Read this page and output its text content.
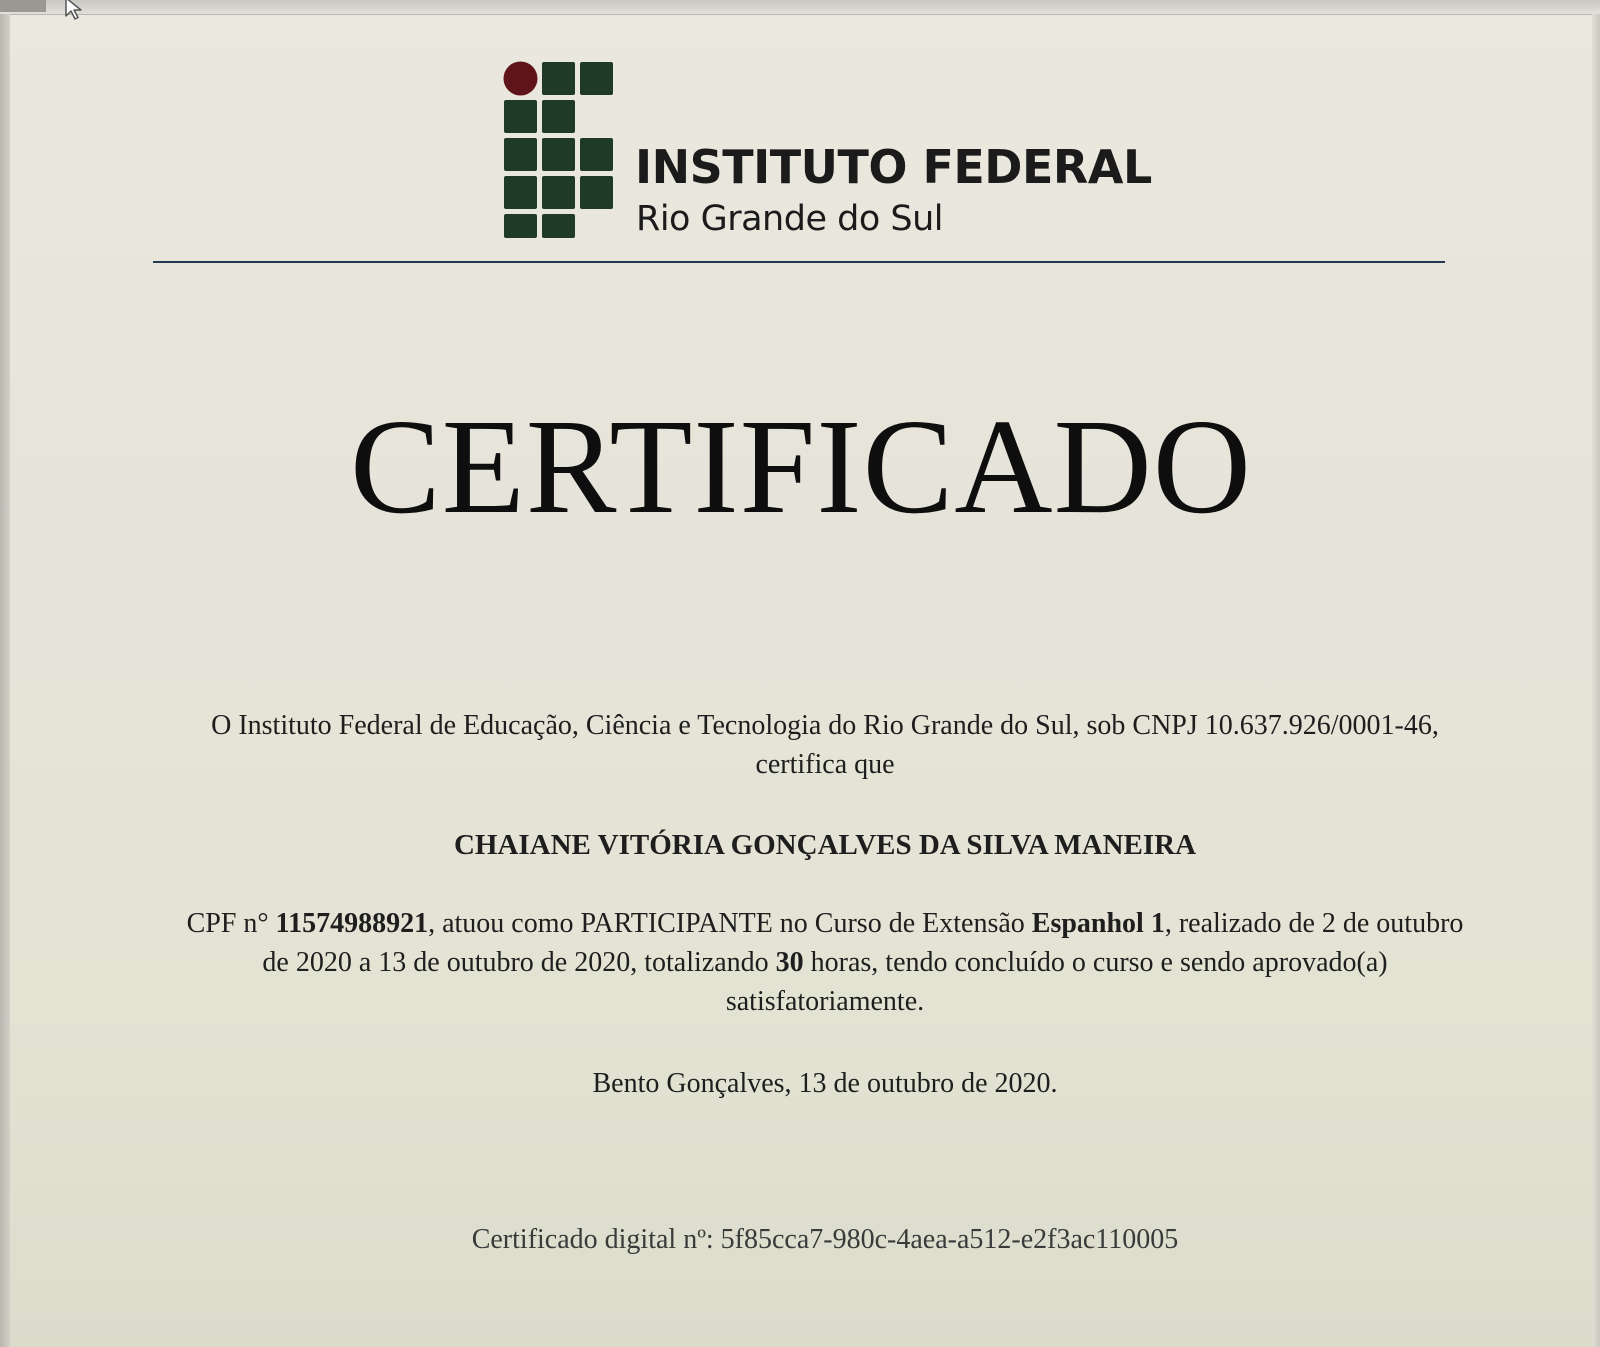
INSTITUTO FEDERAL
Rio Grande do Sul
CERTIFICADO
O Instituto Federal de Educação, Ciência e Tecnologia do Rio Grande do Sul, sob CNPJ 10.637.926/0001-46,
certifica que
CHAIANE VITÓRIA GONÇALVES DA SILVA MANEIRA
CPF n° 11574988921, atuou como PARTICIPANTE no Curso de Extensão Espanhol 1, realizado de 2 de outubro
de 2020 a 13 de outubro de 2020, totalizando 30 horas, tendo concluído o curso e sendo aprovado(a)
satisfatoriamente.
Bento Gonçalves, 13 de outubro de 2020.
Certificado digital nº: 5f85cca7-980c-4aea-a512-e2f3ac110005
